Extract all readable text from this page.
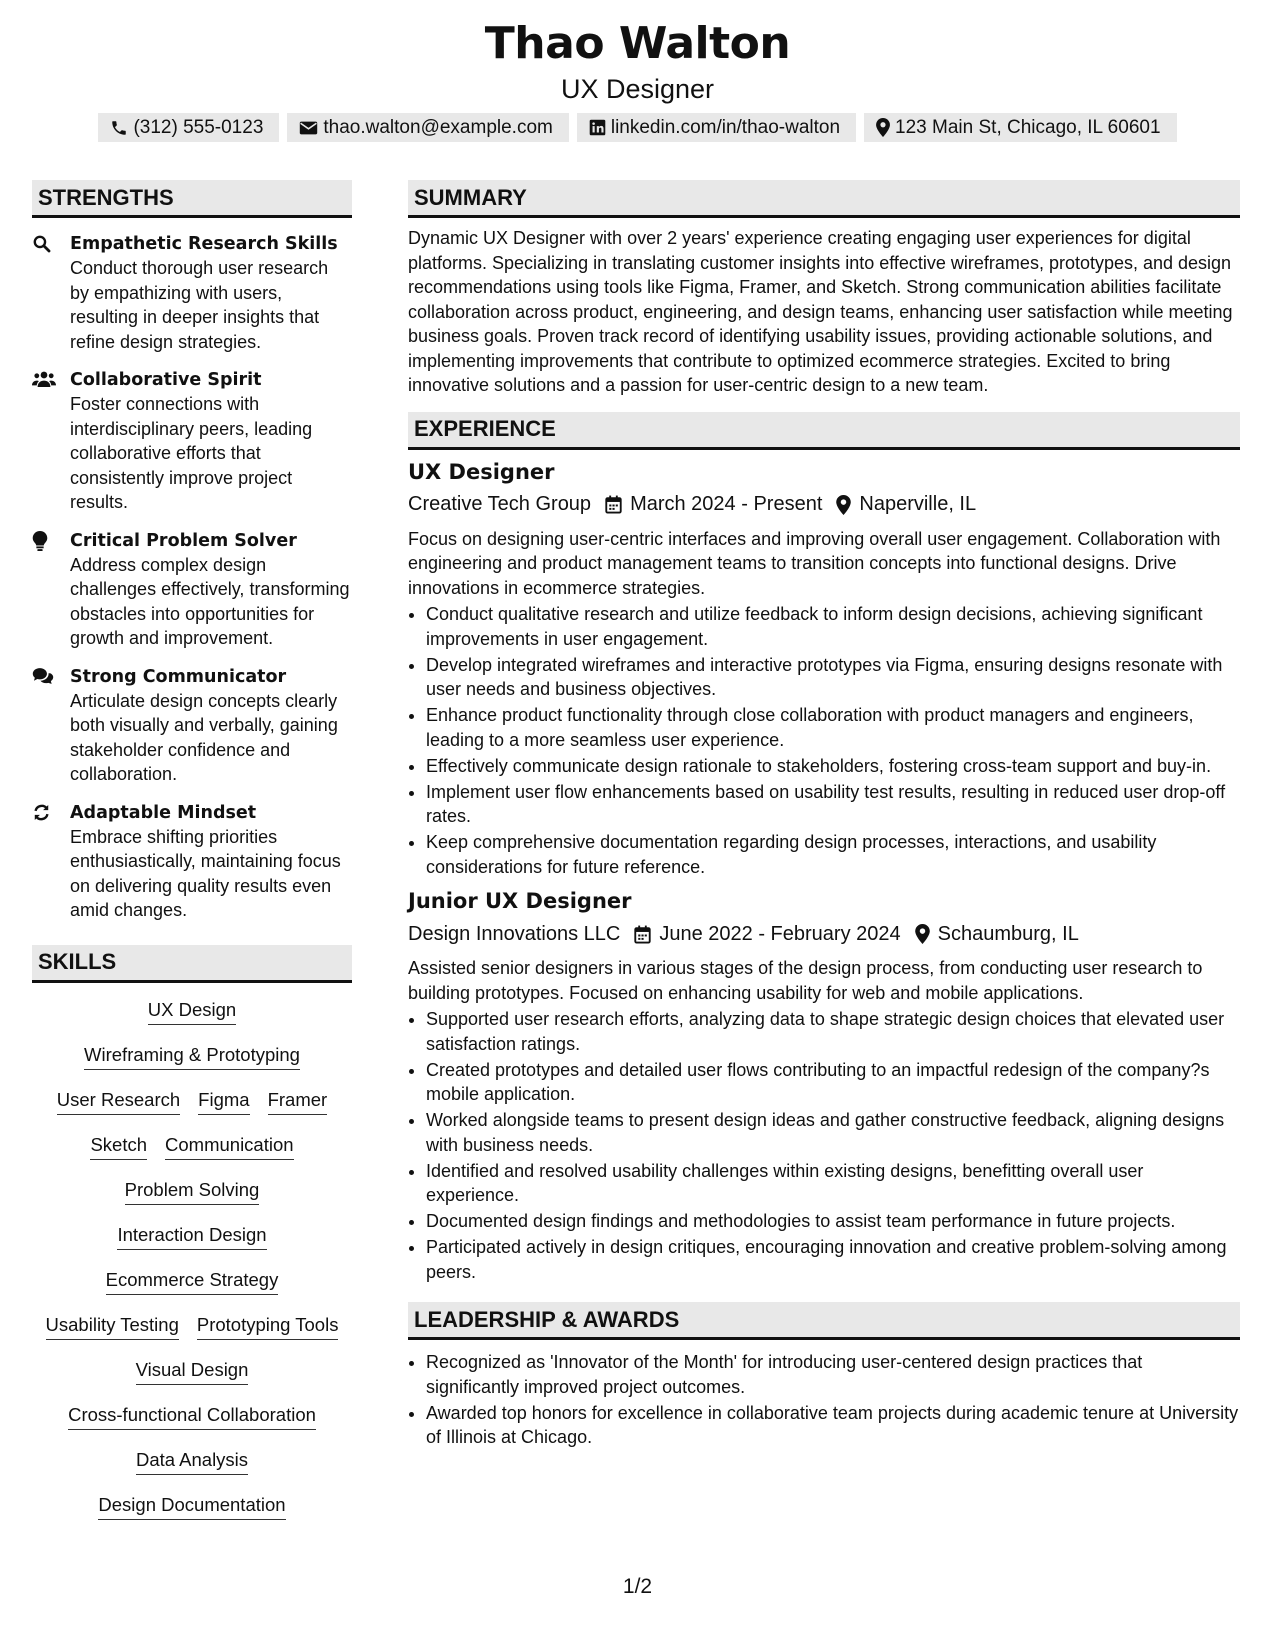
Thao Walton
UX Designer
(312) 555-0123	thao.walton@example.com	linkedin.com/in/thao-walton	123 Main St, Chicago, IL 60601
STRENGTHS
Empathetic Research Skills
Conduct thorough user research by empathizing with users, resulting in deeper insights that refine design strategies.
Collaborative Spirit
Foster connections with interdisciplinary peers, leading collaborative efforts that consistently improve project results.
Critical Problem Solver
Address complex design challenges effectively, transforming obstacles into opportunities for growth and improvement.
Strong Communicator
Articulate design concepts clearly both visually and verbally, gaining stakeholder confidence and collaboration.
Adaptable Mindset
Embrace shifting priorities enthusiastically, maintaining focus on delivering quality results even amid changes.
SKILLS
UX Design
Wireframing & Prototyping
User Research Figma Framer
Sketch Communication
Problem Solving
Interaction Design
Ecommerce Strategy
Usability Testing Prototyping Tools
Visual Design
Cross-functional Collaboration
Data Analysis
Design Documentation
SUMMARY
Dynamic UX Designer with over 2 years' experience creating engaging user experiences for digital platforms. Specializing in translating customer insights into effective wireframes, prototypes, and design recommendations using tools like Figma, Framer, and Sketch. Strong communication abilities facilitate collaboration across product, engineering, and design teams, enhancing user satisfaction while meeting business goals. Proven track record of identifying usability issues, providing actionable solutions, and implementing improvements that contribute to optimized ecommerce strategies. Excited to bring innovative solutions and a passion for user-centric design to a new team.
EXPERIENCE
UX Designer
Creative Tech Group March 2024 - Present Naperville, IL
Focus on designing user-centric interfaces and improving overall user engagement. Collaboration with engineering and product management teams to transition concepts into functional designs. Drive innovations in ecommerce strategies.
• Conduct qualitative research and utilize feedback to inform design decisions, achieving significant improvements in user engagement.
• Develop integrated wireframes and interactive prototypes via Figma, ensuring designs resonate with user needs and business objectives.
• Enhance product functionality through close collaboration with product managers and engineers, leading to a more seamless user experience.
• Effectively communicate design rationale to stakeholders, fostering cross-team support and buy-in.
• Implement user flow enhancements based on usability test results, resulting in reduced user drop-off rates.
• Keep comprehensive documentation regarding design processes, interactions, and usability considerations for future reference.
Junior UX Designer
Design Innovations LLC June 2022 - February 2024 Schaumburg, IL
Assisted senior designers in various stages of the design process, from conducting user research to building prototypes. Focused on enhancing usability for web and mobile applications.
• Supported user research efforts, analyzing data to shape strategic design choices that elevated user satisfaction ratings.
• Created prototypes and detailed user flows contributing to an impactful redesign of the company?s mobile application.
• Worked alongside teams to present design ideas and gather constructive feedback, aligning designs with business needs.
• Identified and resolved usability challenges within existing designs, benefitting overall user experience.
• Documented design findings and methodologies to assist team performance in future projects.
• Participated actively in design critiques, encouraging innovation and creative problem-solving among peers.
LEADERSHIP & AWARDS
• Recognized as 'Innovator of the Month' for introducing user-centered design practices that significantly improved project outcomes.
• Awarded top honors for excellence in collaborative team projects during academic tenure at University of Illinois at Chicago.
1/2
